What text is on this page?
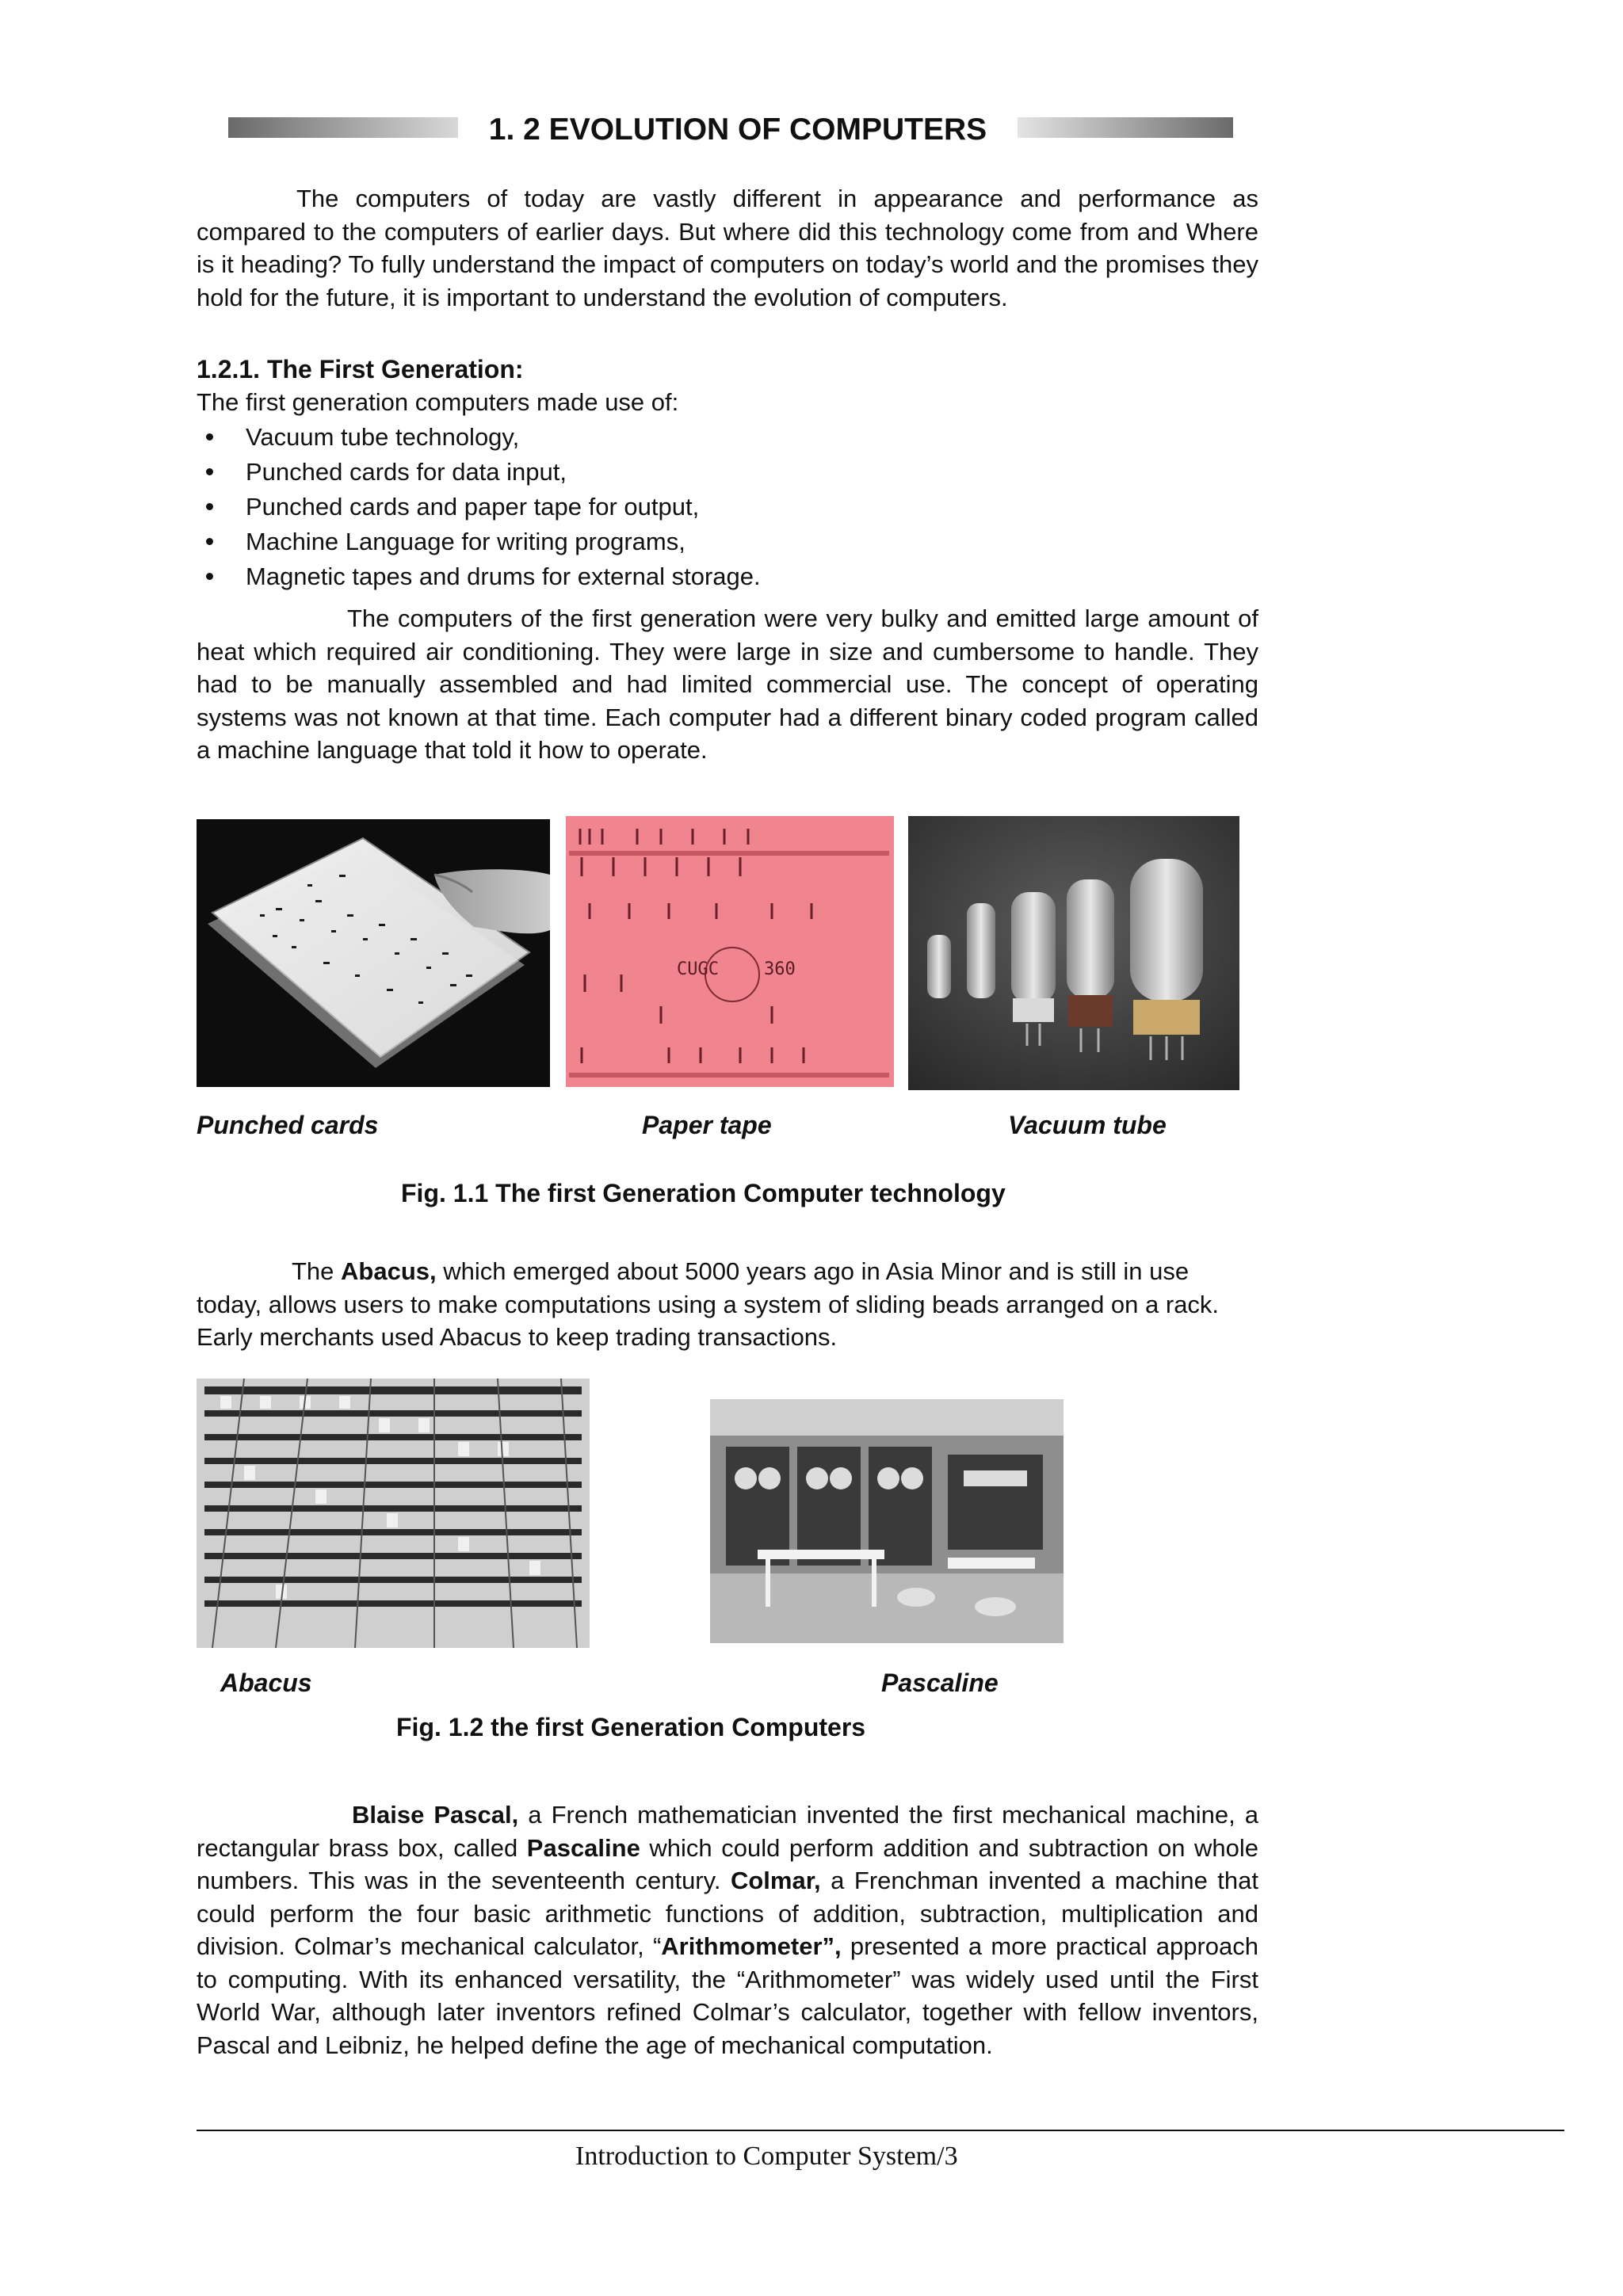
1. 2 EVOLUTION OF COMPUTERS

The computers of today are vastly different in appearance and performance as compared to the computers of earlier days. But where did this technology come from and Where is it heading? To fully understand the impact of computers on today’s world and the promises they hold for the future, it is important to understand the evolution of computers.

1.2.1. The First Generation:

The first generation computers made use of:

Vacuum tube technology,
Punched cards for data input,
Punched cards and paper tape for output,
Machine Language for writing programs,
Magnetic tapes and drums for external storage.

The computers of the first generation were very bulky and emitted large amount of heat which required air conditioning. They were large in size and cumbersome to handle. They had to be manually assembled and had limited commercial use. The concept of operating systems was not known at that time. Each computer had a different binary coded program called a machine language that told it how to operate.

CUGC	360

Punched cards	Paper tape	Vacuum tube

Fig. 1.1 The first Generation Computer technology

The Abacus, which emerged about 5000 years ago in Asia Minor and is still in use today, allows users to make computations using a system of sliding beads arranged on a rack. Early merchants used Abacus to keep trading transactions.

Abacus	Pascaline

Fig. 1.2 the first Generation Computers

Blaise Pascal, a French mathematician invented the first mechanical machine, a rectangular brass box, called Pascaline which could perform addition and subtraction on whole numbers. This was in the seventeenth century. Colmar, a Frenchman invented a machine that could perform the four basic arithmetic functions of addition, subtraction, multiplication and division. Colmar’s mechanical calculator, “Arithmometer”, presented a more practical approach to computing. With its enhanced versatility, the “Arithmometer” was widely used until the First World War, although later inventors refined Colmar’s calculator, together with fellow inventors, Pascal and Leibniz, he helped define the age of mechanical computation.

Introduction to Computer System/3
